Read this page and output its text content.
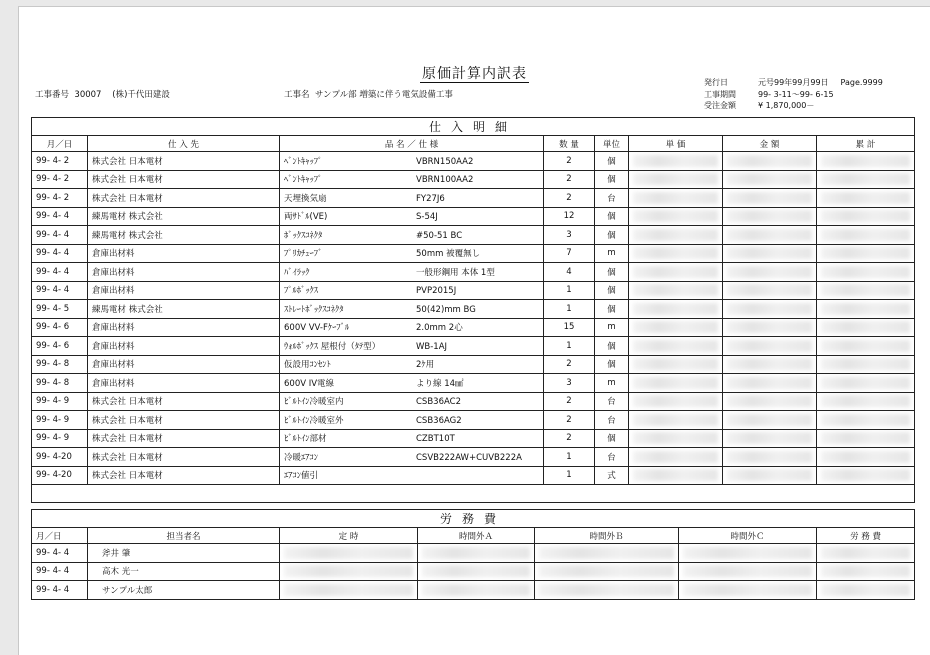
原価計算内訳表
工事番号 30007 (株)千代田建設	工事名 サンプル部 増築に伴う電気設備工事
発行日	元号99年99月99日 Page.9999
工事期間	99- 3-11～99- 6-15
受注金額	¥ 1,870,000－
仕入明細							
月／日	仕 入 先	品 名 ／ 仕 様	数 量	単位	単 価	金 額	累 計
99- 4- 2	株式会社 日本電材	ﾍﾞﾝﾄｷｬｯﾌﾟ VBRN150AA2	2	個	

99- 4- 2	株式会社 日本電材	ﾍﾞﾝﾄｷｬｯﾌﾟ VBRN100AA2	2	個	

99- 4- 2	株式会社 日本電材	天埋換気扇 FY27J6	2	台	

99- 4- 4	練馬電材 株式会社	両ｻﾄﾞﾙ(VE) S-54J	12	個	

99- 4- 4	練馬電材 株式会社	ﾎﾞｯｸｽｺﾈｸﾀ #50-51 BC	3	個	

99- 4- 4	倉庫出材料	ﾌﾟﾘｶﾁｭｰﾌﾞ 50mm 被覆無し	7	m	

99- 4- 4	倉庫出材料	ﾊﾞｲﾗｯｸ 一般形鋼用 本体 1型	4	個	

99- 4- 4	倉庫出材料	ﾌﾟﾙﾎﾞｯｸｽ PVP2015J	1	個	

99- 4- 5	練馬電材 株式会社	ｽﾄﾚｰﾄﾎﾞｯｸｽｺﾈｸﾀ 50(42)mm BG	1	個	

99- 4- 6	倉庫出材料	600V VV-Fｹｰﾌﾞﾙ 2.0mm 2心	15	m	

99- 4- 6	倉庫出材料	ｳｫﾙﾎﾞｯｸｽ 屋根付（ﾀﾃ型） WB-1AJ	1	個	

99- 4- 8	倉庫出材料	仮設用ｺﾝｾﾝﾄ 2ｹ用	2	個	

99- 4- 8	倉庫出材料	600V IV電線 より線 14㎟	3	m	

99- 4- 9	株式会社 日本電材	ﾋﾞﾙﾄｲﾝ冷暖室内 CSB36AC2	2	台	

99- 4- 9	株式会社 日本電材	ﾋﾞﾙﾄｲﾝ冷暖室外 CSB36AG2	2	台	

99- 4- 9	株式会社 日本電材	ﾋﾞﾙﾄｲﾝ部材 CZBT10T	2	個	

99- 4-20	株式会社 日本電材	冷暖ｴｱｺﾝ CSVB222AW+CUVB222A	1	台	

99- 4-20	株式会社 日本電材	ｴｱｺﾝ値引	1	式	

労務費						
月／日	担当者名	定 時	時間外Ａ	時間外Ｂ	時間外Ｃ	労 務 費
99- 4- 4	斧井 肇	

99- 4- 4	高木 光一	

99- 4- 4	サンプル太郎	
